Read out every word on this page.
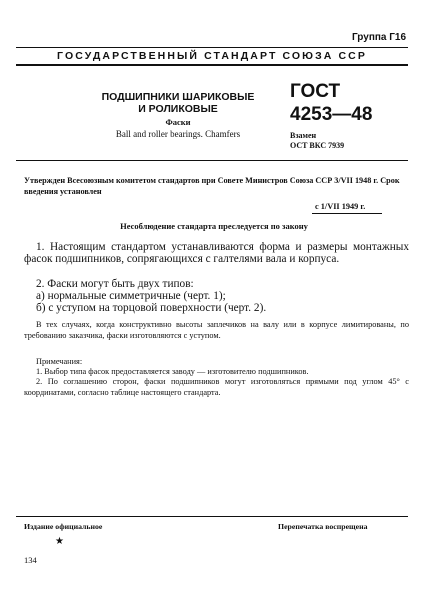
Группа Г16
ГОСУДАРСТВЕННЫЙ СТАНДАРТ СОЮЗА ССР
ПОДШИПНИКИ ШАРИКОВЫЕ
И РОЛИКОВЫЕ
Фаски
Ball and roller bearings. Chamfers
ГОСТ
4253—48
Взамен
ОСТ ВКС 7939
Утвержден Всесоюзным комитетом стандартов при Совете Министров Союза ССР 3/VII 1948 г. Срок введения установлен
с 1/VII 1949 г.
Несоблюдение стандарта преследуется по закону
1. Настоящим стандартом устанавливаются форма и размеры монтажных фасок подшипников, сопрягающихся с галтелями вала и корпуса.
2. Фаски могут быть двух типов:
а) нормальные симметричные (черт. 1);
б) с уступом на торцовой поверхности (черт. 2).
В тех случаях, когда конструктивно высоты заплечиков на валу или в корпусе лимитированы, по требованию заказчика, фаски изготовляются с уступом.
Примечания:
1. Выбор типа фасок предоставляется заводу — изготовителю подшипников.
2. По соглашению сторон, фаски подшипников могут изготовляться прямыми под углом 45° с координатами, согласно таблице настоящего стандарта.
Издание официальное	Перепечатка воспрещена
★
134
